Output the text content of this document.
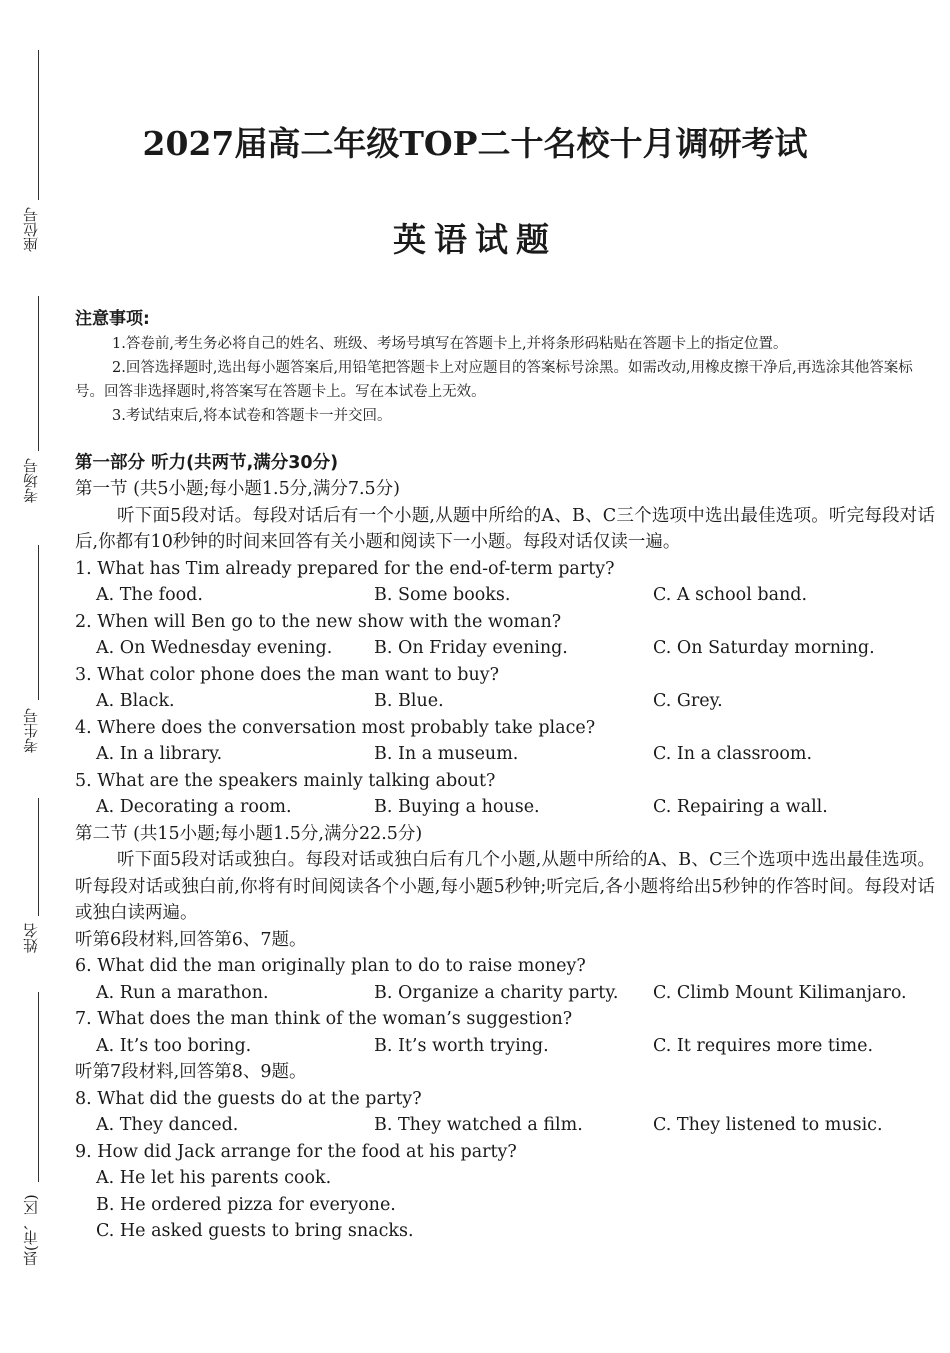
座位号
考场号
考生号
姓名
县(市、区)
2027届高二年级TOP二十名校十月调研考试
英语试题
注意事项:
1.答卷前,考生务必将自己的姓名、班级、考场号填写在答题卡上,并将条形码粘贴在答题卡上的指定位置。
2.回答选择题时,选出每小题答案后,用铅笔把答题卡上对应题目的答案标号涂黑。如需改动,用橡皮擦干净后,再选涂其他答案标号。回答非选择题时,将答案写在答题卡上。写在本试卷上无效。
3.考试结束后,将本试卷和答题卡一并交回。
第一部分 听力(共两节,满分30分)
第一节 (共5小题;每小题1.5分,满分7.5分)
听下面5段对话。每段对话后有一个小题,从题中所给的A、B、C三个选项中选出最佳选项。听完每段对话后,你都有10秒钟的时间来回答有关小题和阅读下一小题。每段对话仅读一遍。
1. What has Tim already prepared for the end-of-term party?
A. The food.	B. Some books.	C. A school band.
2. When will Ben go to the new show with the woman?
A. On Wednesday evening.	B. On Friday evening.	C. On Saturday morning.
3. What color phone does the man want to buy?
A. Black.	B. Blue.	C. Grey.
4. Where does the conversation most probably take place?
A. In a library.	B. In a museum.	C. In a classroom.
5. What are the speakers mainly talking about?
A. Decorating a room.	B. Buying a house.	C. Repairing a wall.
第二节 (共15小题;每小题1.5分,满分22.5分)
听下面5段对话或独白。每段对话或独白后有几个小题,从题中所给的A、B、C三个选项中选出最佳选项。听每段对话或独白前,你将有时间阅读各个小题,每小题5秒钟;听完后,各小题将给出5秒钟的作答时间。每段对话或独白读两遍。
听第6段材料,回答第6、7题。
6. What did the man originally plan to do to raise money?
A. Run a marathon.	B. Organize a charity party.	C. Climb Mount Kilimanjaro.
7. What does the man think of the woman’s suggestion?
A. It’s too boring.	B. It’s worth trying.	C. It requires more time.
听第7段材料,回答第8、9题。
8. What did the guests do at the party?
A. They danced.	B. They watched a film.	C. They listened to music.
9. How did Jack arrange for the food at his party?
A. He let his parents cook.
B. He ordered pizza for everyone.
C. He asked guests to bring snacks.
